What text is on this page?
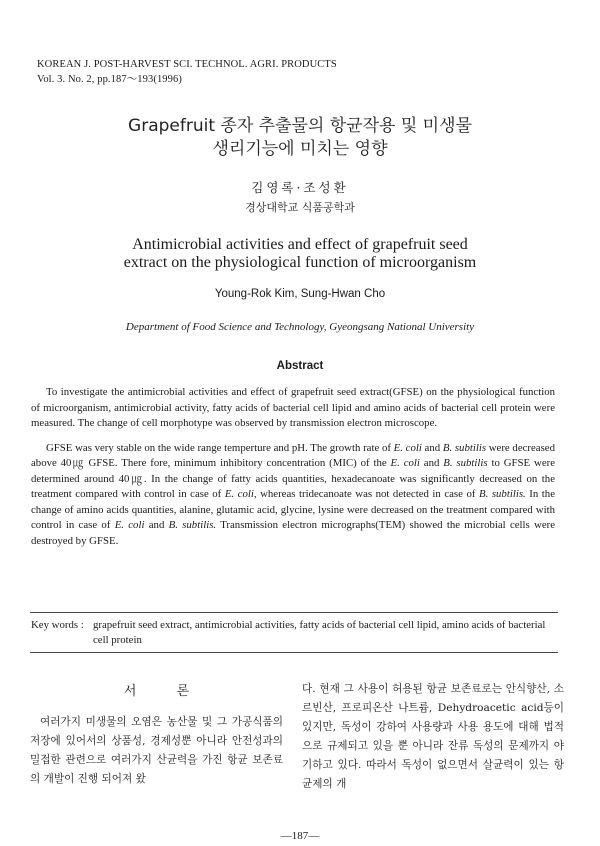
KOREAN J. POST-HARVEST SCI. TECHNOL. AGRI. PRODUCTS
Vol. 3. No. 2, pp.187～193(1996)
Grapefruit 종자 추출물의 항균작용 및 미생물
생리기능에 미치는 영향
김영록·조성환
경상대학교 식품공학과
Antimicrobial activities and effect of grapefruit seed
extract on the physiological function of microorganism
Young-Rok Kim, Sung-Hwan Cho
Department of Food Science and Technology, Gyeongsang National University
Abstract

To investigate the antimicrobial activities and effect of grapefruit seed extract(GFSE) on the physiological function of microorganism, antimicrobial activity, fatty acids of bacterial cell lipid and amino acids of bacterial cell protein were measured. The change of cell morphotype was observed by transmission electron microscope.

GFSE was very stable on the wide range temperture and pH. The growth rate of E. coli and B. subtilis were decreased above 40㎍ GFSE. There fore, minimum inhibitory concentration (MIC) of the E. coli and B. subtilis to GFSE were determined around 40㎍. In the change of fatty acids quantities, hexadecanoate was significantly decreased on the treatment compared with control in case of E. coli, whereas tridecanoate was not detected in case of B. subtilis. In the change of amino acids quantities, alanine, glutamic acid, glycine, lysine were decreased on the treatment compared with control in case of E. coli and B. subtilis. Transmission electron micrographs(TEM) showed the microbial cells were destroyed by GFSE.

Key words : grapefruit seed extract, antimicrobial activities, fatty acids of bacterial cell lipid, amino acids of bacterial cell protein
서 론

여러가지 미생물의 오염은 농산물 및 그 가공식품의 저장에 있어서의 상품성, 경제성뿐 아니라 안전성과의 밀접한 관련으로 여러가지 산균력을 가진 항균 보존료의 개발이 진행 되어져 왔

다. 현재 그 사용이 허용된 항균 보존료로는 안식향산, 소르빈산, 프로피온산 나트륨, Dehydroacetic acid등이 있지만, 독성이 강하여 사용량과 사용 용도에 대해 법적으로 규제되고 있을 뿐 아니라 잔류 독성의 문제까지 야기하고 있다. 따라서 독성이 없으면서 살균력이 있는 항균제의 개

—187—
